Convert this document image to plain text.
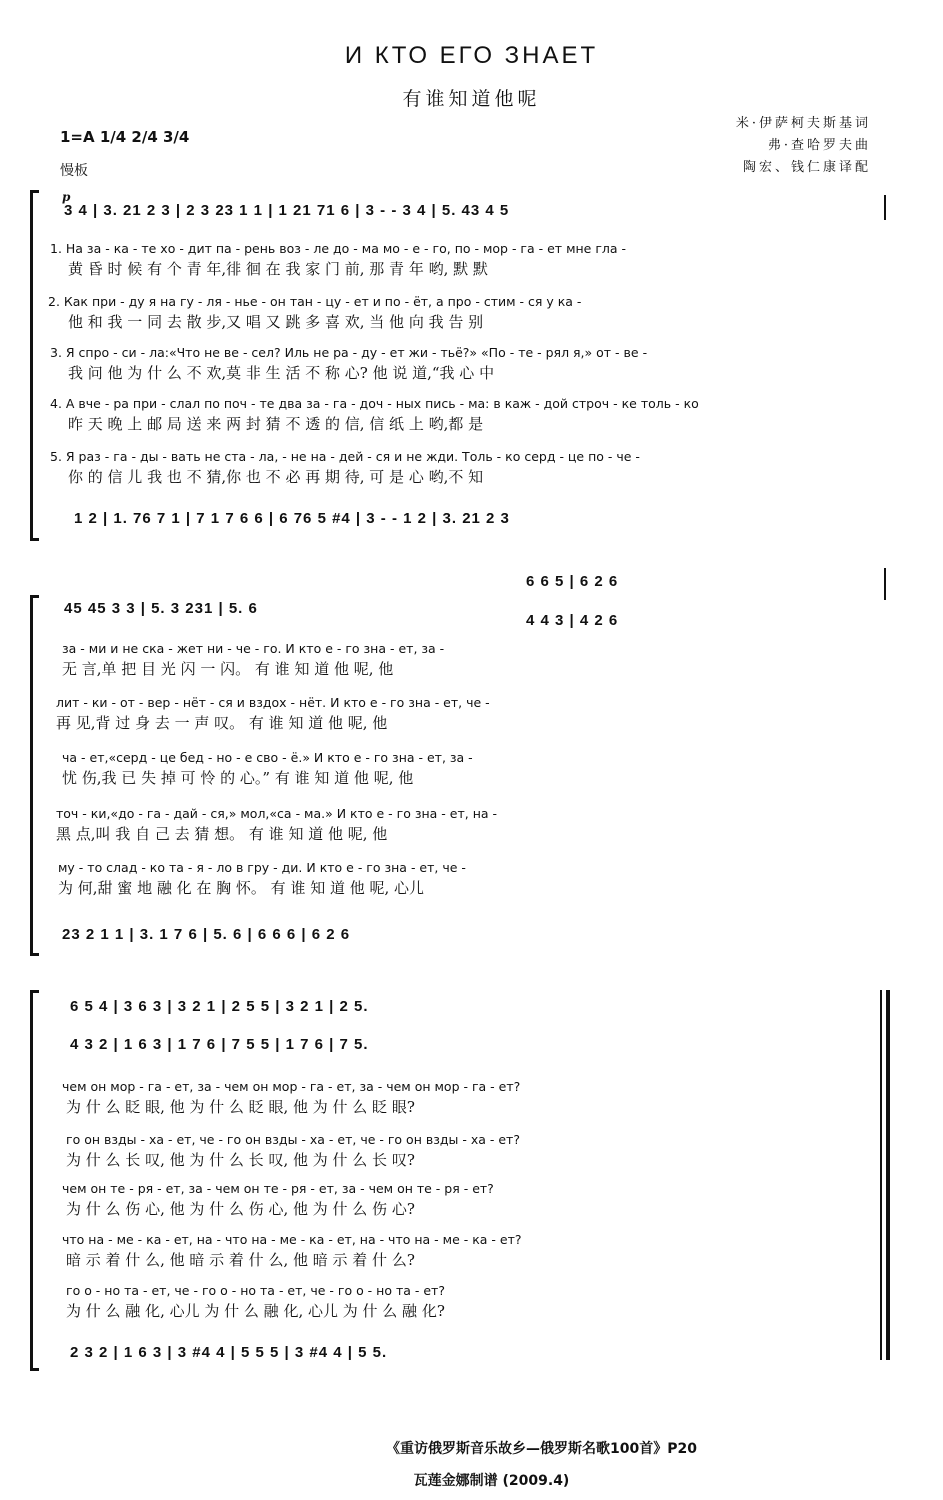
И КТО ЕГО ЗНАЕТ
有谁知道他呢
米·伊萨柯夫斯基词
弗·查哈罗夫曲
陶宏、钱仁康译配
1=A 1/4 2/4 3/4
慢板
p
3 4 | 3. 21 2 3 | 2 3 23 1 1 | 1 21 71 6 | 3 - - 3 4 | 5. 43 4 5
1. На за - ка - те хо - дит па - рень воз - ле до - ма мо - е - го, по - мор - га - ет мне гла -
黄 昏 时 候 有 个 青 年,徘 徊 在 我 家 门 前, 那 青 年 哟, 默 默
2. Как при - ду я на гу - ля - нье - он тан - цу - ет и по - ёт, а про - стим - ся у ка -
他 和 我 一 同 去 散 步,又 唱 又 跳 多 喜 欢, 当 他 向 我 告 别
3. Я спро - си - ла:«Что не ве - сел? Иль не ра - ду - ет жи - тьё?» «По - те - рял я,» от - ве -
我 问 他 为 什 么 不 欢,莫 非 生 活 不 称 心? 他 说 道,“我 心 中
4. А вче - ра при - слал по поч - те два за - га - доч - ных пись - ма: в каж - дой строч - ке толь - ко
昨 天 晚 上 邮 局 送 来 两 封 猜 不 透 的 信, 信 纸 上 哟,都 是
5. Я раз - га - ды - вать не ста - ла, - не на - дей - ся и не жди. Толь - ко серд - це по - че -
你 的 信 儿 我 也 不 猜,你 也 不 必 再 期 待, 可 是 心 哟,不 知
1 2 | 1. 76 7 1 | 7 1 7 6 6 | 6 76 5 #4 | 3 - - 1 2 | 3. 21 2 3
6 6 5 | 6 2 6
45 45 3 3 | 5. 3 231 | 5. 6
4 4 3 | 4 2 6
за - ми и не ска - жет ни - че - го. И кто е - го зна - ет, за -
无 言,单 把 目 光 闪 一 闪。 有 谁 知 道 他 呢, 他
лит - ки - от - вер - нёт - ся и вздох - нёт. И кто е - го зна - ет, че -
再 见,背 过 身 去 一 声 叹。 有 谁 知 道 他 呢, 他
ча - ет,«серд - це бед - но - е сво - ё.» И кто е - го зна - ет, за -
忧 伤,我 已 失 掉 可 怜 的 心。” 有 谁 知 道 他 呢, 他
точ - ки,«до - га - дай - ся,» мол,«са - ма.» И кто е - го зна - ет, на -
黑 点,叫 我 自 己 去 猜 想。 有 谁 知 道 他 呢, 他
му - то слад - ко та - я - ло в гру - ди. И кто е - го зна - ет, че -
为 何,甜 蜜 地 融 化 在 胸 怀。 有 谁 知 道 他 呢, 心儿
23 2 1 1 | 3. 1 7 6 | 5. 6 | 6 6 6 | 6 2 6
6 5 4 | 3 6 3 | 3 2 1 | 2 5 5 | 3 2 1 | 2 5.
4 3 2 | 1 6 3 | 1 7 6 | 7 5 5 | 1 7 6 | 7 5.
чем он мор - га - ет, за - чем он мор - га - ет, за - чем он мор - га - ет?
为 什 么 眨 眼, 他 为 什 么 眨 眼, 他 为 什 么 眨 眼?
го он взды - ха - ет, че - го он взды - ха - ет, че - го он взды - ха - ет?
为 什 么 长 叹, 他 为 什 么 长 叹, 他 为 什 么 长 叹?
чем он те - ря - ет, за - чем он те - ря - ет, за - чем он те - ря - ет?
为 什 么 伤 心, 他 为 什 么 伤 心, 他 为 什 么 伤 心?
что на - ме - ка - ет, на - что на - ме - ка - ет, на - что на - ме - ка - ет?
暗 示 着 什 么, 他 暗 示 着 什 么, 他 暗 示 着 什 么?
го о - но та - ет, че - го о - но та - ет, че - го о - но та - ет?
为 什 么 融 化, 心儿 为 什 么 融 化, 心儿 为 什 么 融 化?
2 3 2 | 1 6 3 | 3 #4 4 | 5 5 5 | 3 #4 4 | 5 5.
《重访俄罗斯音乐故乡—俄罗斯名歌100首》P20
瓦莲金娜制谱 (2009.4)
